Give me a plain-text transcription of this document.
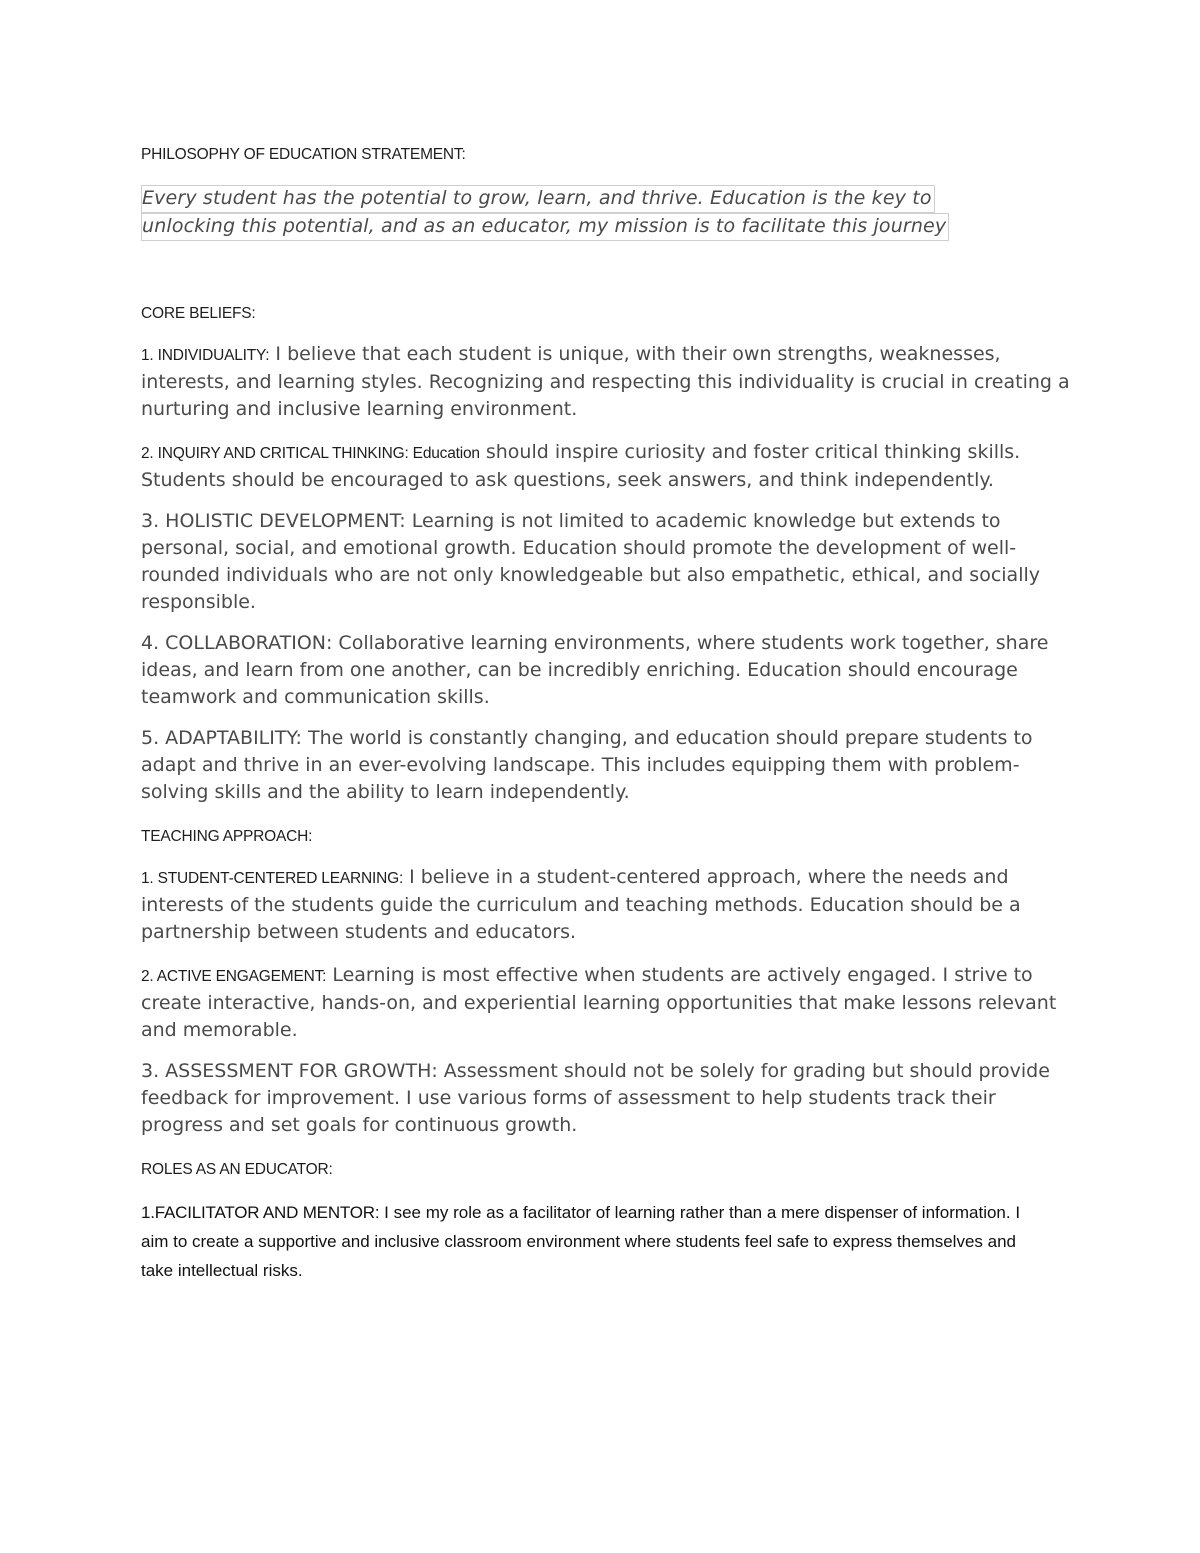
PHILOSOPHY OF EDUCATION STRATEMENT:

Every student has the potential to grow, learn, and thrive. Education is the key to
unlocking this potential, and as an educator, my mission is to facilitate this journey

CORE BELIEFS:

1. INDIVIDUALITY: I believe that each student is unique, with their own strengths, weaknesses, interests, and learning styles. Recognizing and respecting this individuality is crucial in creating a nurturing and inclusive learning environment.

2. INQUIRY AND CRITICAL THINKING: Education should inspire curiosity and foster critical thinking skills. Students should be encouraged to ask questions, seek answers, and think independently.

3. HOLISTIC DEVELOPMENT: Learning is not limited to academic knowledge but extends to personal, social, and emotional growth. Education should promote the development of well-rounded individuals who are not only knowledgeable but also empathetic, ethical, and socially responsible.

4. COLLABORATION: Collaborative learning environments, where students work together, share ideas, and learn from one another, can be incredibly enriching. Education should encourage teamwork and communication skills.

5. ADAPTABILITY: The world is constantly changing, and education should prepare students to adapt and thrive in an ever-evolving landscape. This includes equipping them with problem-solving skills and the ability to learn independently.

TEACHING APPROACH:

1. STUDENT-CENTERED LEARNING: I believe in a student-centered approach, where the needs and interests of the students guide the curriculum and teaching methods. Education should be a partnership between students and educators.

2. ACTIVE ENGAGEMENT: Learning is most effective when students are actively engaged. I strive to create interactive, hands-on, and experiential learning opportunities that make lessons relevant and memorable.

3. ASSESSMENT FOR GROWTH: Assessment should not be solely for grading but should provide feedback for improvement. I use various forms of assessment to help students track their progress and set goals for continuous growth.

ROLES AS AN EDUCATOR:

1.FACILITATOR AND MENTOR: I see my role as a facilitator of learning rather than a mere dispenser of information. I aim to create a supportive and inclusive classroom environment where students feel safe to express themselves and take intellectual risks.
